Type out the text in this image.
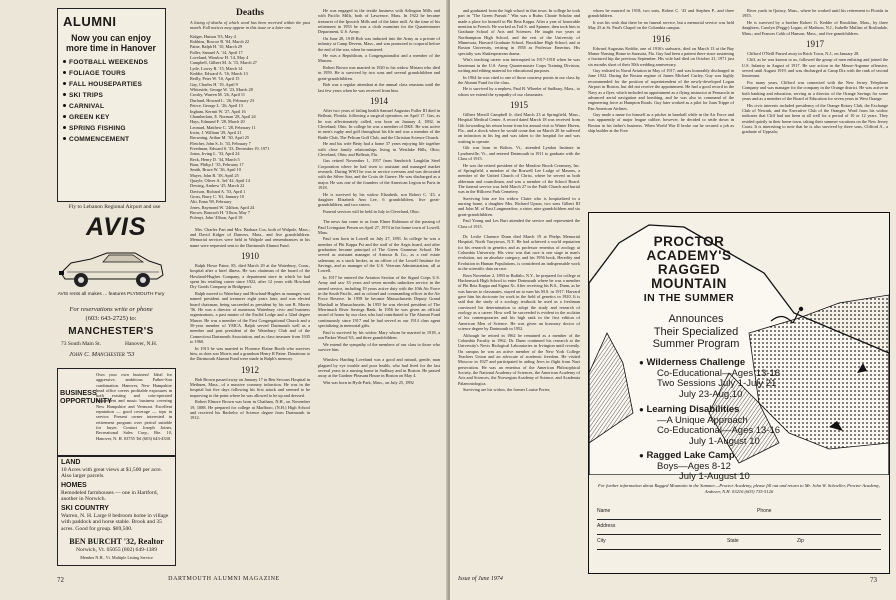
ALUMNI
Now you can enjoy more time in Hanover
FOOTBALL WEEKENDS
FOLIAGE TOURS
FALL HOUSEPARTIES
SKI TRIPS
CARNIVAL
GREEN KEY
SPRING FISHING
COMMENCEMENT
Fly to Lebanon Regional Airport and use
AVIS
AVIS rents all makes ... features PLYMOUTH Fury
For reservations write or phone
(603: 643-2725) to:
MANCHESTER'S
73 South Main St.	Hanover, N.H.
John C. Manchester '53
BUSINESS OPPORTUNITY
Own your own business! Ideal for aggressive, ambitious Father-Son combination. Hanover, New Hampshire head office covers profitable exposures in both existing and coin-operated amusement and music business covering New Hampshire and Vermont. Excellent reputation — good coverage — tops in service. Present owner interested in retirement program over period suitable for buyer. Contact Joseph Joiner, Recreational Sales Corp., Rte. 10, Hanover, N. H. 03755 Tel (603) 643-4330.
LAND
10 Acres with great views at $1,500 per acre. Also larger parcels.
HOMES
Remodeled farmhouses — one in Hartford, another in Norwich.
SKI COUNTRY
Warren, N. H. Large 8 bedroom home in village with paddock and horse stable. Brook and 35 acres. Good for group. $69,500.
BEN BURCHT '32, Realtor
Norwich, Vt. 05055 (802) 649-1389
Member N.H., Vt. Multiple Listing Service
72	DARTMOUTH ALUMNI MAGAZINE
Deaths
A listing of deaths of which word has been received within the past month. Full notices may appear in this issue or a later one.
Kidger, Hutson '03, May 4
Robbins, Roscoe B. '04, March 22
Paine, Ralph H. '10, March 29
Fuller, Samuel A. '14, April 17
Loveland, Winslow H. '14, May 4
Campbell, Gilbert M. Jr. '15, March 27
Lytle, Lowry R. '15, March 14
Keddie, Edward A. '16, March 13
Reilly, Peter W. '16, April 15
Gay, Charles H. '19, April 9
Whiteside, George W. '23, March 28
Crosby, Warren M. '26, April 11
Durland, Howard L. '26, February 23
Peirce, George L. '26, April 13
Ingham, Kermit W. '27, April 16
Chamberlain, E. Norman '28, April 24
Hays, Edmund F. '28, March 20
Leonard, Matthew C. '28, February 11
Irwin, J. William '29, April 21
Browning, Arthur M. '30, April 25
Fletcher, John S. Jr. '33, February 7
Freedman, Edward S. '33, December 19, 1971
Jonas, Irving L. '33, April 24
Reck, Henry D. '34, March 5
Baur, Philip J. '35, February 17
Smith, Bruce W. '36, April 10
Mayer, John R. '38, April 25
Quayle, Oliver A. 3rd '42, April 14
Dewing, Andrew '45, March 22
Davison, Richard A. '53, April 1
Gross, Barry C. '61, January 10
Alti, Enna '69, February
Jones, Raymond W. '24thon, April 24
Brown, Bancroft H. '31hon, May 7
Polenyi, John '43hon, April 18

Mrs. Charles Fart and Mrs. Barbara Cox, both of Walpole, Mass.; and David Kidger of Danvers, Mass., and five grandchildren. Memorial services were held in Walpole and remembrances in his name were requested sent to the Dartmouth Alumni Fund.

1910

Ralph Howe Paine, 85, died March 29 at the Waterbury, Conn., hospital after a brief illness. He was chairman of the board of the Howland-Hughes Company, a department store in which he had spent his retailing career since 1922, after 12 years with Howland Dry Goods Company in Bridgeport.

Ralph moved to Waterbury and Howland-Hughes as manager, was named president and treasurer eight years later, and was elected board chairman, being succeeded as president by his son R. Morris '36. He was a director of numerous Waterbury civic and business organizations, a past master of the Euclid Lodge and a 32nd degree Mason. He was a member of the First Congregational Church and a 50-year member of YMCA. Ralph served Dartmouth well as a member and past president of the Waterbury Club and of the Connecticut Dartmouth Association, and as class treasurer from 1935 to 1960.

In 1913 he was married to Florence Elaine Booth who survives him, as does son Morris and a grandson Henry R Paine. Donations to the Dartmouth Alumni Fund were made in Ralph's memory.

1912

Bob Brown passed away on January 17 in Ben Secours Hospital in Methuen, Mass., of a massive coronary infarction. He was in the hospital but five days following his first attack and seemed to be improving to the point where he was allowed to be up and dressed.

Robert Elmore Brown was born in Chatham, N.H., on November 19, 1888. He prepared for college at Marlboro, (N.H.) High School and received his Bachelor of Science degree from Dartmouth in 1912.

He was engaged in the textile business with Arlington Mills and with Pacific Mills, both of Lawrence, Mass. In 1922 he became treasurer of the Ipswich Mills and of the latter mill. At the time of his retirement in 1953 he was a cloth examiner for the Quartermaster Department, U.S. Army.

On June 28, 1918 Bob was inducted into the Army as a private of infantry at Camp Devens, Mass., and was promoted to corporal before the end of the war, when he mustered.

He was a Republican, a Congregationalist and a member of the Masons.

Robert Brown was married in 1920 to his widow Miriam who died in 1959. He is survived by two sons and several grandchildren and great-grandchildren.

Bob was a regular attendant at the annual class reunions until the last few years when he was received from him.

1914

After two years of failing health Samuel Augustus Fuller III died in Belleair, Florida, following a surgical operation, on April 17. Gus, as he was affectionately called, was born on January 4, 1892, in Cleveland, Ohio. In college he was a member of DKE. He was active in men's rugby and golf throughout his life and was a member of the Battle Club, The Pelican Golf Club, and the Christian Science Church.

He and his wife Betty had a home 37 years enjoying life together with close family relationships living in Westlake Hills, Ohio; Cleveland, Ohio; and Belleair, Fla.

Gus retired November 1, 1957 from Sandwich Laughlin Steel Corporation where he had risen to assistant and managed market research. During WWI he was in service overseas and was decorated with the Silver Star, and the Croix de Guerre. He was discharged as a major. He was one of the founders of the American Legion in Paris in 1918.

He is survived by his widow Elizabeth, son Robert C. '45, a daughter Elizabeth Ann Lee, 6 grandchildren, five great-grandchildren, and two sisters.

Funeral services will be held in July in Cleveland, Ohio.

The news has come to us from Elmer Robinson of the passing of Paul Livingston Presen on April 27, 1974 in his home town of Lowell, Mass.

Paul was born in Lowell on July 27, 1891. In college he was a member of Phi Kappa Psi and the staff of the Aegis board, and after graduation became principal of The Green Grammar School. He served as assistant manager of Armour & Co., as a real estate salesman, as a stock broker, as an officer of the Lowell Institute for Savings, and as manager of the U.S. Veterans Administration, all at Lowell.

In 1917 he entered the Aviation Section of the Signal Corps U.S. Army and saw 33 years and seven months unbroken service in the armed service, including 19 years active duty with the 10th Air Force in the South Pacific, and as colonel and commanding officer in the Air Force Reserve. In 1958 he became Massachusetts Deputy Grand Marshall in Massachusetts. In 1955 he was elected president of The Merrimack River Savings Bank. In 1956 he was given an official award of honor by our class who had contributed to The Alumni Fund continuously since 1917 and he had served as our 1914 class agent specializing in memorial gifts.

Paul is survived by his widow Mary whom he married in 1918, a son Parker Wood '63, and three grandchildren.

We extend the sympathy of the members of our class to those who survive him.

Winslow Harding Loveland was a good and natural, gentle, man plagued by eye trouble and poor health, who had lived for the last several years in a nursing home in Sudbury and in Boston. He passed away at the Gardner Pleasant House in Boston on May 4.

Win was born in Hyde Park, Mass., on July 25, 1892

and graduated from the high school in that town. In college he took part in "The Green Pursuit." Win was a Rufus Choate Scholar and made a place for himself in Phi Beta Kappa. After a year of honorable mention in French. He worked as Tod S. and Spinner, then took him to Graduate School of Arts and Sciences. He taught two years at Northampton High School, and the rest of the University of Minnesota, Harvard Graduate School, Brookline High School, and at Boston University, retiring in 1958 as Professor Emeritus. His specialty was Shakespearean drama.

Win's teaching career was interrupted in 1917-1918 when he was lieutenant in the U.S. Army Quartermaster Corps Training Division, writing and editing material for educational purposes.

In 1964 he was cited to one of those courtesy points in our class by the Alumni Fund for the class.

He is survived by a nephew, Paul B. Wheeler of Sudbury, Mass., to whom we extend the sympathy of our classmates.

1915

Gilbert Merrill Campbell Jr. died March 23 at Springfield, Mass., Hospital Medical Center. A record dated March 18 was received from Gib forwarding his return home from his annual visit to Winter Haven, Fla., and a shock where he would come that on March 20 he suffered an infarction in his leg and was taken to the hospital for and was waiting to operate.

Gib was born in Bolton, Vt., attended Lyndon Institute in Lyndonville, Vt., and entered Dartmouth in 1911 to graduate with the Class of 1915.

He was the retired president of the Meadow Brook Creamery, Inc. of Springfield, a member of the Roswell Lee Lodge of Masons, a member of the United Church of Christ, where he served as both alderman and councilman, and was a member of the School Board. The funeral service was held March 27 in the Faith Church and burial was in the Hillcrest Park Cemetery.

Surviving him are his widow Claire who is hospitalized in a nursing home, a daughter Mrs. Richard Upson, two sons Gilbert III and John M. of East Longmeadow, a sister, nine grandchildren and six great-grandchildren.

Paul Young and Les Burt attended the service and represented the Class of 1915.

Dr. Leslie Clarence Dunn died March 19 at Phelps Memorial Hospital, North Tarrytown, N.Y. He had achieved a world reputation for his research in genetics and as professor emeritus of zoology at Columbia University. His view was that race is one stage in man's evolution, not an absolute category, and his 1956 book, Heredity and Evolution in Human Populations, is considered an indispensable work in the scientific data on race.

Born November 2, 1893 in Buffalo, N.Y., he prepared for college at Hackensack High School to enter Dartmouth where he was a member of Phi Beta Kappa and Sigma Xi. After receiving his B.S., Dunn, as he was known to classmates, stayed on to earn his M.S. in 1917. Harvard gave him his doctorate for work in the field of genetics in 1920. It is said that the study of a zoology textbook he used as a freshman convinced his determination to adopt the study and research of zoology as a career. How well he succeeded is evident in the acclaim of his contemporaries and his high rank in the first edition of American Men of Science. He was given an honorary doctor of science degree by Dartmouth in 1952.

Although he retired in 1962 he remained as a member of the Columbia Faculty in 1962, Dr. Dunn continued his research at the University's Nevis Biological Laboratories in Irvington until recently. On campus he was an active member of the New York College Teachers Union and an advocate of academic freedom. He visited Moscow in 1927 and participated in aiding Jews in flight from Nazi persecution. He was an emeritus of the American Philosophical Society, the National Academy of Sciences, the American Academy of Arts and Sciences, the Norwegian Academy of Science, and Academia Palaeontologica.

Surviving are his widow, the former Louise Porter,

whom he married in 1918; two sons, Robert C. '43 and Stephen P., and three grandchildren.

It was his wish that there be no funeral service, but a memorial service was held May 25 at St. Paul's Chapel on the Columbia campus.

1916

Edward Augustus Keddie, one of 1916's stalwarts, died on March 13 at the Bay Manor Nursing Home in Sarasota, Fla. Guy had been a patient there since sustaining a fractured hip the previous September. His wife had died on October 21, 1971 just six months short of their 50th wedding anniversary.

Guy enlisted in Naval Aviation in May of 1917, and was honorably discharged in June 1922. During the Boston regime of James Michael Curley, Guy was highly recommended for the position of superintendent of the newly-developed Logan Airport in Boston, but did not receive the appointment. He had a good record in the Navy as a flyer, which included an appointment as a flying instructor at Pensacola in advanced aerial navigation and bombing, and he was also in command of the engineering force at Hampton Roads. Guy later worked as a pilot for Juan Trippe of Pan American Airlines.

Guy made a name for himself as a pitcher in baseball while in the Air Force and was apparently of major league calibre, however, he decided to settle down in Boston in his father's business. When World War II broke out he secured a job as ship builder at the Fore

River yards in Quincy, Mass., where he worked until his retirement to Florida in 1955.

He is survived by a brother Robert G. Keddie of Brookline, Mass., by three daughters, Carolyn (Peggy) Logan, of Madison, N.J., Isabelle Mullins of Roslindale, Mass.; and Frances Cobb of Hanson, Mass., and five grandchildren.

1917

Clifford O'Neill Passed away in Brick Town, N.J., on January 28.

Cliff, as he was known to us, followed the group of men enlisting and joined the U.S. Infantry in August of 1917. He saw action in the Meuse-Argonne offensive, served until August 1919, and was discharged at Camp Dix with the rank of second lieutenant.

For many years, Clifford was connected with the New Jersey Telephone Company and was manager for the company in the Orange district. He was active in both banking and education, serving as a director of the Orange Savings for some years and as a member of the Board of Education for seven years in West Orange.

His civic interests included presidency of the Orange Rotary Club, the Exchange Club of Newark, and the Executive Club of the Oranges. Word from his widow indicates that Cliff had not been at all well for a period of 10 or 12 years. They resided quietly in their home town, taking their summer vacations on the New Jersey Coast. It is interesting to note that he is also survived by three sons, Clifford A., a graduate of Uppsala;

PROCTOR
ACADEMY'S
RAGGED
MOUNTAIN
IN THE SUMMER
Announces
Their Specialized
Summer Program
● Wilderness Challenge
Co-Educational—Ages 13-16
Two Sessions July 1-July 21
July 23-Aug.10
● Learning Disabilities
—A Unique Approach
Co-Educational—Ages 13-16
July 1-August 10
● Ragged Lake Camp
Boys—Ages 8-12
July 1-August 10
For further information about Ragged Mountain in the Summer—Proctor Academy, please fill out and return to Mr. John W. Schoeller, Proctor Academy, Andover, N.H. 03216 (603) 735-5126
Name	Phone
Address
City	State	Zip
Issue of June 1974	73
